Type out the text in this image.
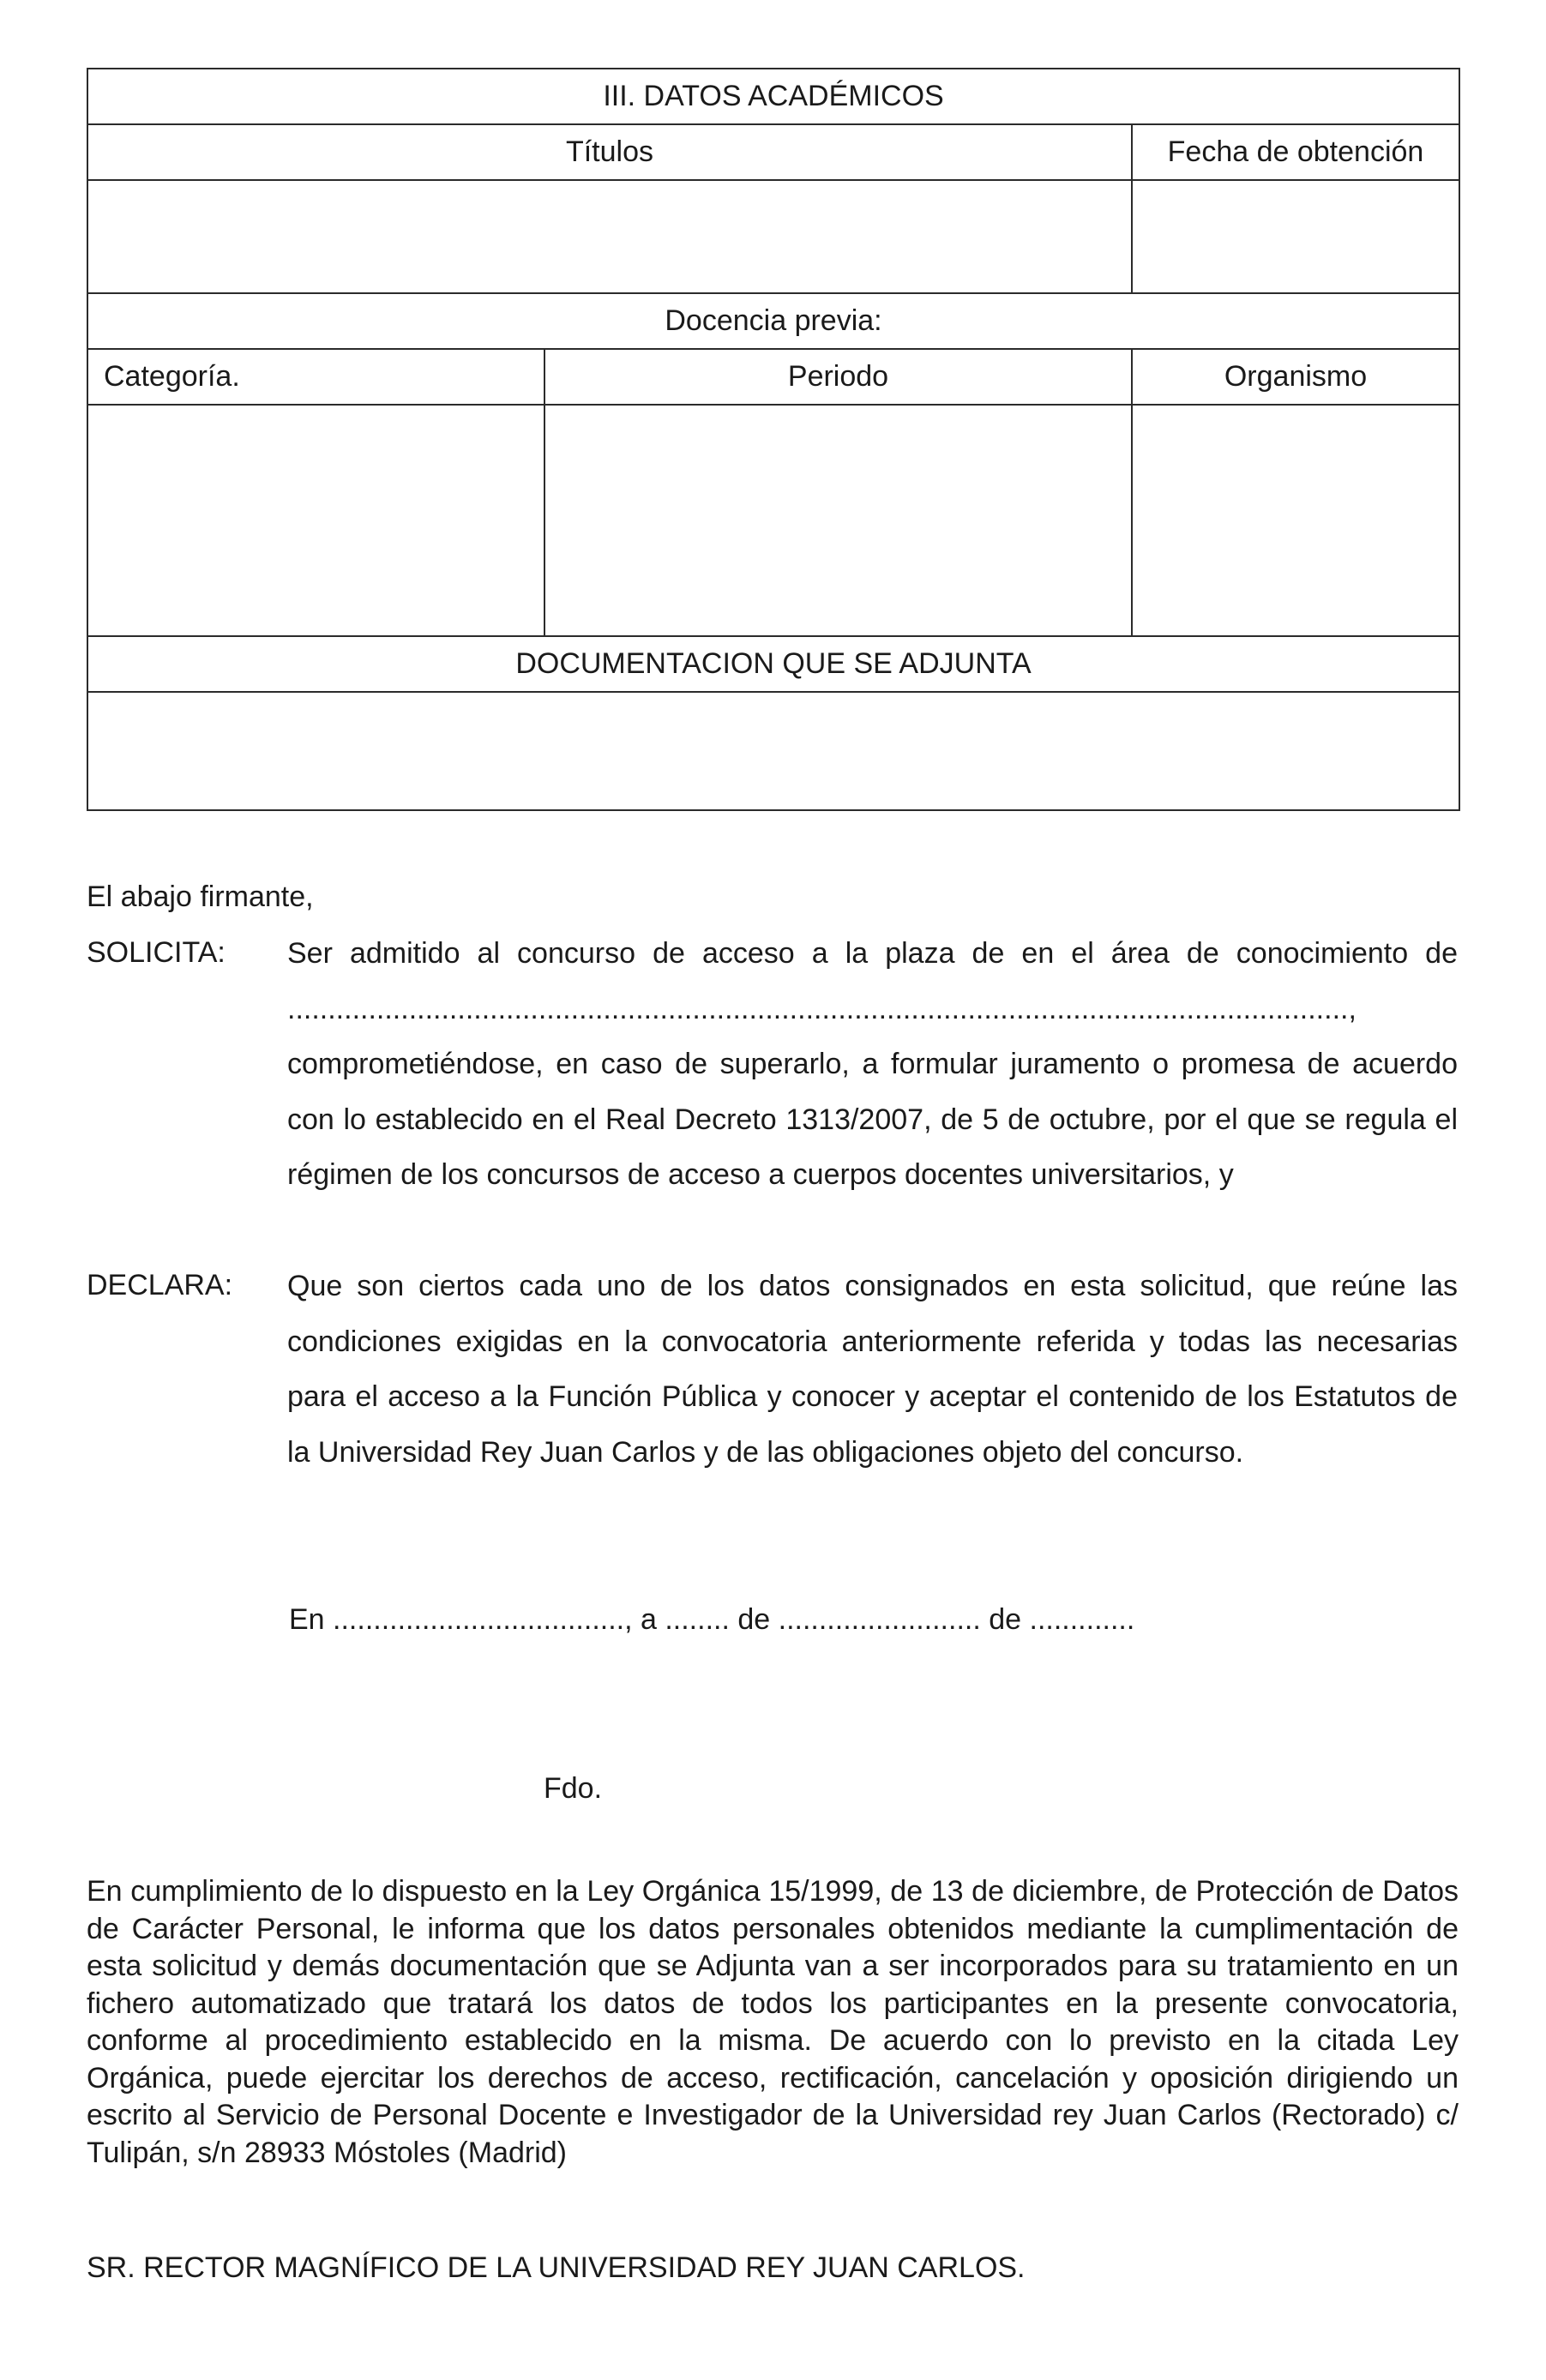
III. DATOS ACADÉMICOS		
Títulos		Fecha de obtención

Docencia previa:		
Categoría.	Periodo	Organismo

DOCUMENTACION QUE SE ADJUNTA		

El abajo firmante,
SOLICITA: Ser admitido al concurso de acceso a la plaza de en el área de conocimiento de ..................................................................................................................................., comprometiéndose, en caso de superarlo, a formular juramento o promesa de acuerdo con lo establecido en el Real Decreto 1313/2007, de 5 de octubre, por el que se regula el régimen de los concursos de acceso a cuerpos docentes universitarios, y

DECLARA: Que son ciertos cada uno de los datos consignados en esta solicitud, que reúne las condiciones exigidas en la convocatoria anteriormente referida y todas las necesarias para el acceso a la Función Pública y conocer y aceptar el contenido de los Estatutos de la Universidad Rey Juan Carlos y de las obligaciones objeto del concurso.

En ...................................., a ........ de ......................... de .............
Fdo.

En cumplimiento de lo dispuesto en la Ley Orgánica 15/1999, de 13 de diciembre, de Protección de Datos de Carácter Personal, le informa que los datos personales obtenidos mediante la cumplimentación de esta solicitud y demás documentación que se Adjunta van a ser incorporados para su tratamiento en un fichero automatizado que tratará los datos de todos los participantes en la presente convocatoria, conforme al procedimiento establecido en la misma. De acuerdo con lo previsto en la citada Ley Orgánica, puede ejercitar los derechos de acceso, rectificación, cancelación y oposición dirigiendo un escrito al Servicio de Personal Docente e Investigador de la Universidad rey Juan Carlos (Rectorado) c/ Tulipán, s/n 28933 Móstoles (Madrid)

SR. RECTOR MAGNÍFICO DE LA UNIVERSIDAD REY JUAN CARLOS.
